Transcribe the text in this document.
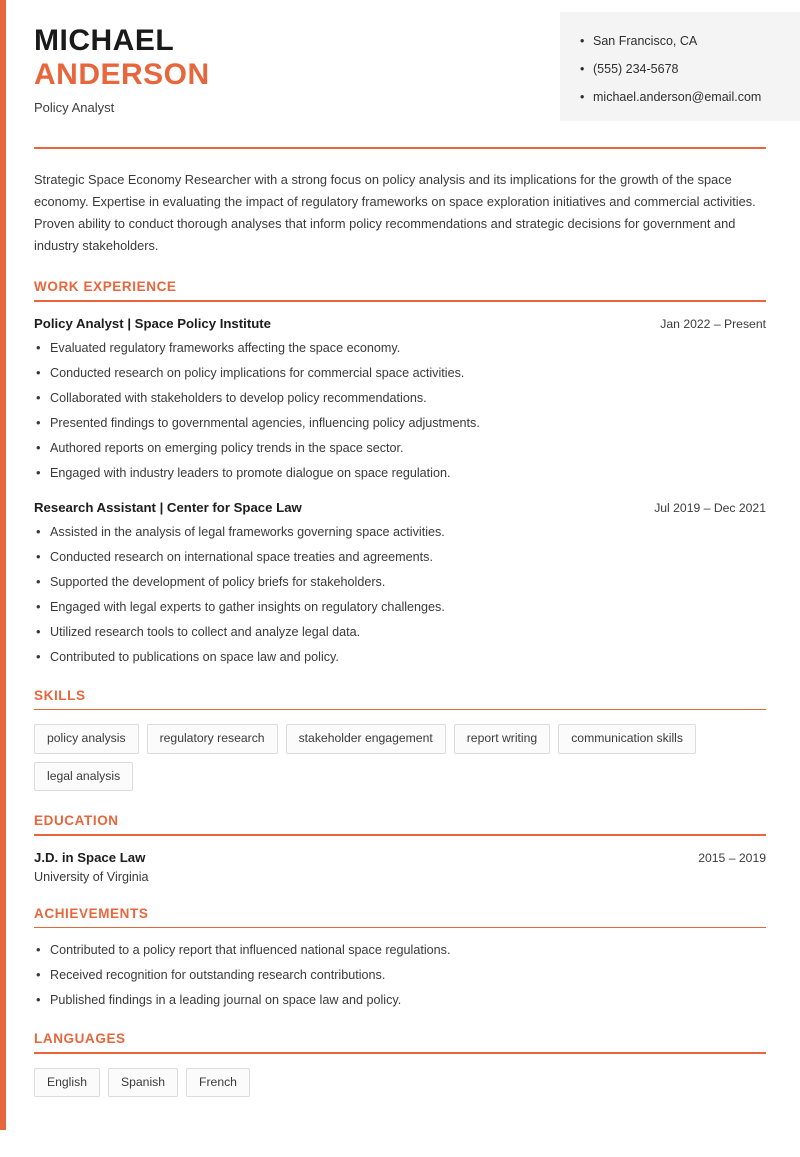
MICHAEL
ANDERSON
Policy Analyst
• San Francisco, CA
• (555) 234-5678
• michael.anderson@email.com
Strategic Space Economy Researcher with a strong focus on policy analysis and its implications for the growth of the space economy. Expertise in evaluating the impact of regulatory frameworks on space exploration initiatives and commercial activities. Proven ability to conduct thorough analyses that inform policy recommendations and strategic decisions for government and industry stakeholders.
WORK EXPERIENCE
Policy Analyst | Space Policy Institute	Jan 2022 – Present
• Evaluated regulatory frameworks affecting the space economy.
• Conducted research on policy implications for commercial space activities.
• Collaborated with stakeholders to develop policy recommendations.
• Presented findings to governmental agencies, influencing policy adjustments.
• Authored reports on emerging policy trends in the space sector.
• Engaged with industry leaders to promote dialogue on space regulation.
Research Assistant | Center for Space Law	Jul 2019 – Dec 2021
• Assisted in the analysis of legal frameworks governing space activities.
• Conducted research on international space treaties and agreements.
• Supported the development of policy briefs for stakeholders.
• Engaged with legal experts to gather insights on regulatory challenges.
• Utilized research tools to collect and analyze legal data.
• Contributed to publications on space law and policy.
SKILLS
policy analysis	regulatory research	stakeholder engagement	report writing	communication skills
legal analysis
EDUCATION
J.D. in Space Law	2015 – 2019
University of Virginia
ACHIEVEMENTS
• Contributed to a policy report that influenced national space regulations.
• Received recognition for outstanding research contributions.
• Published findings in a leading journal on space law and policy.
LANGUAGES
English	Spanish	French
